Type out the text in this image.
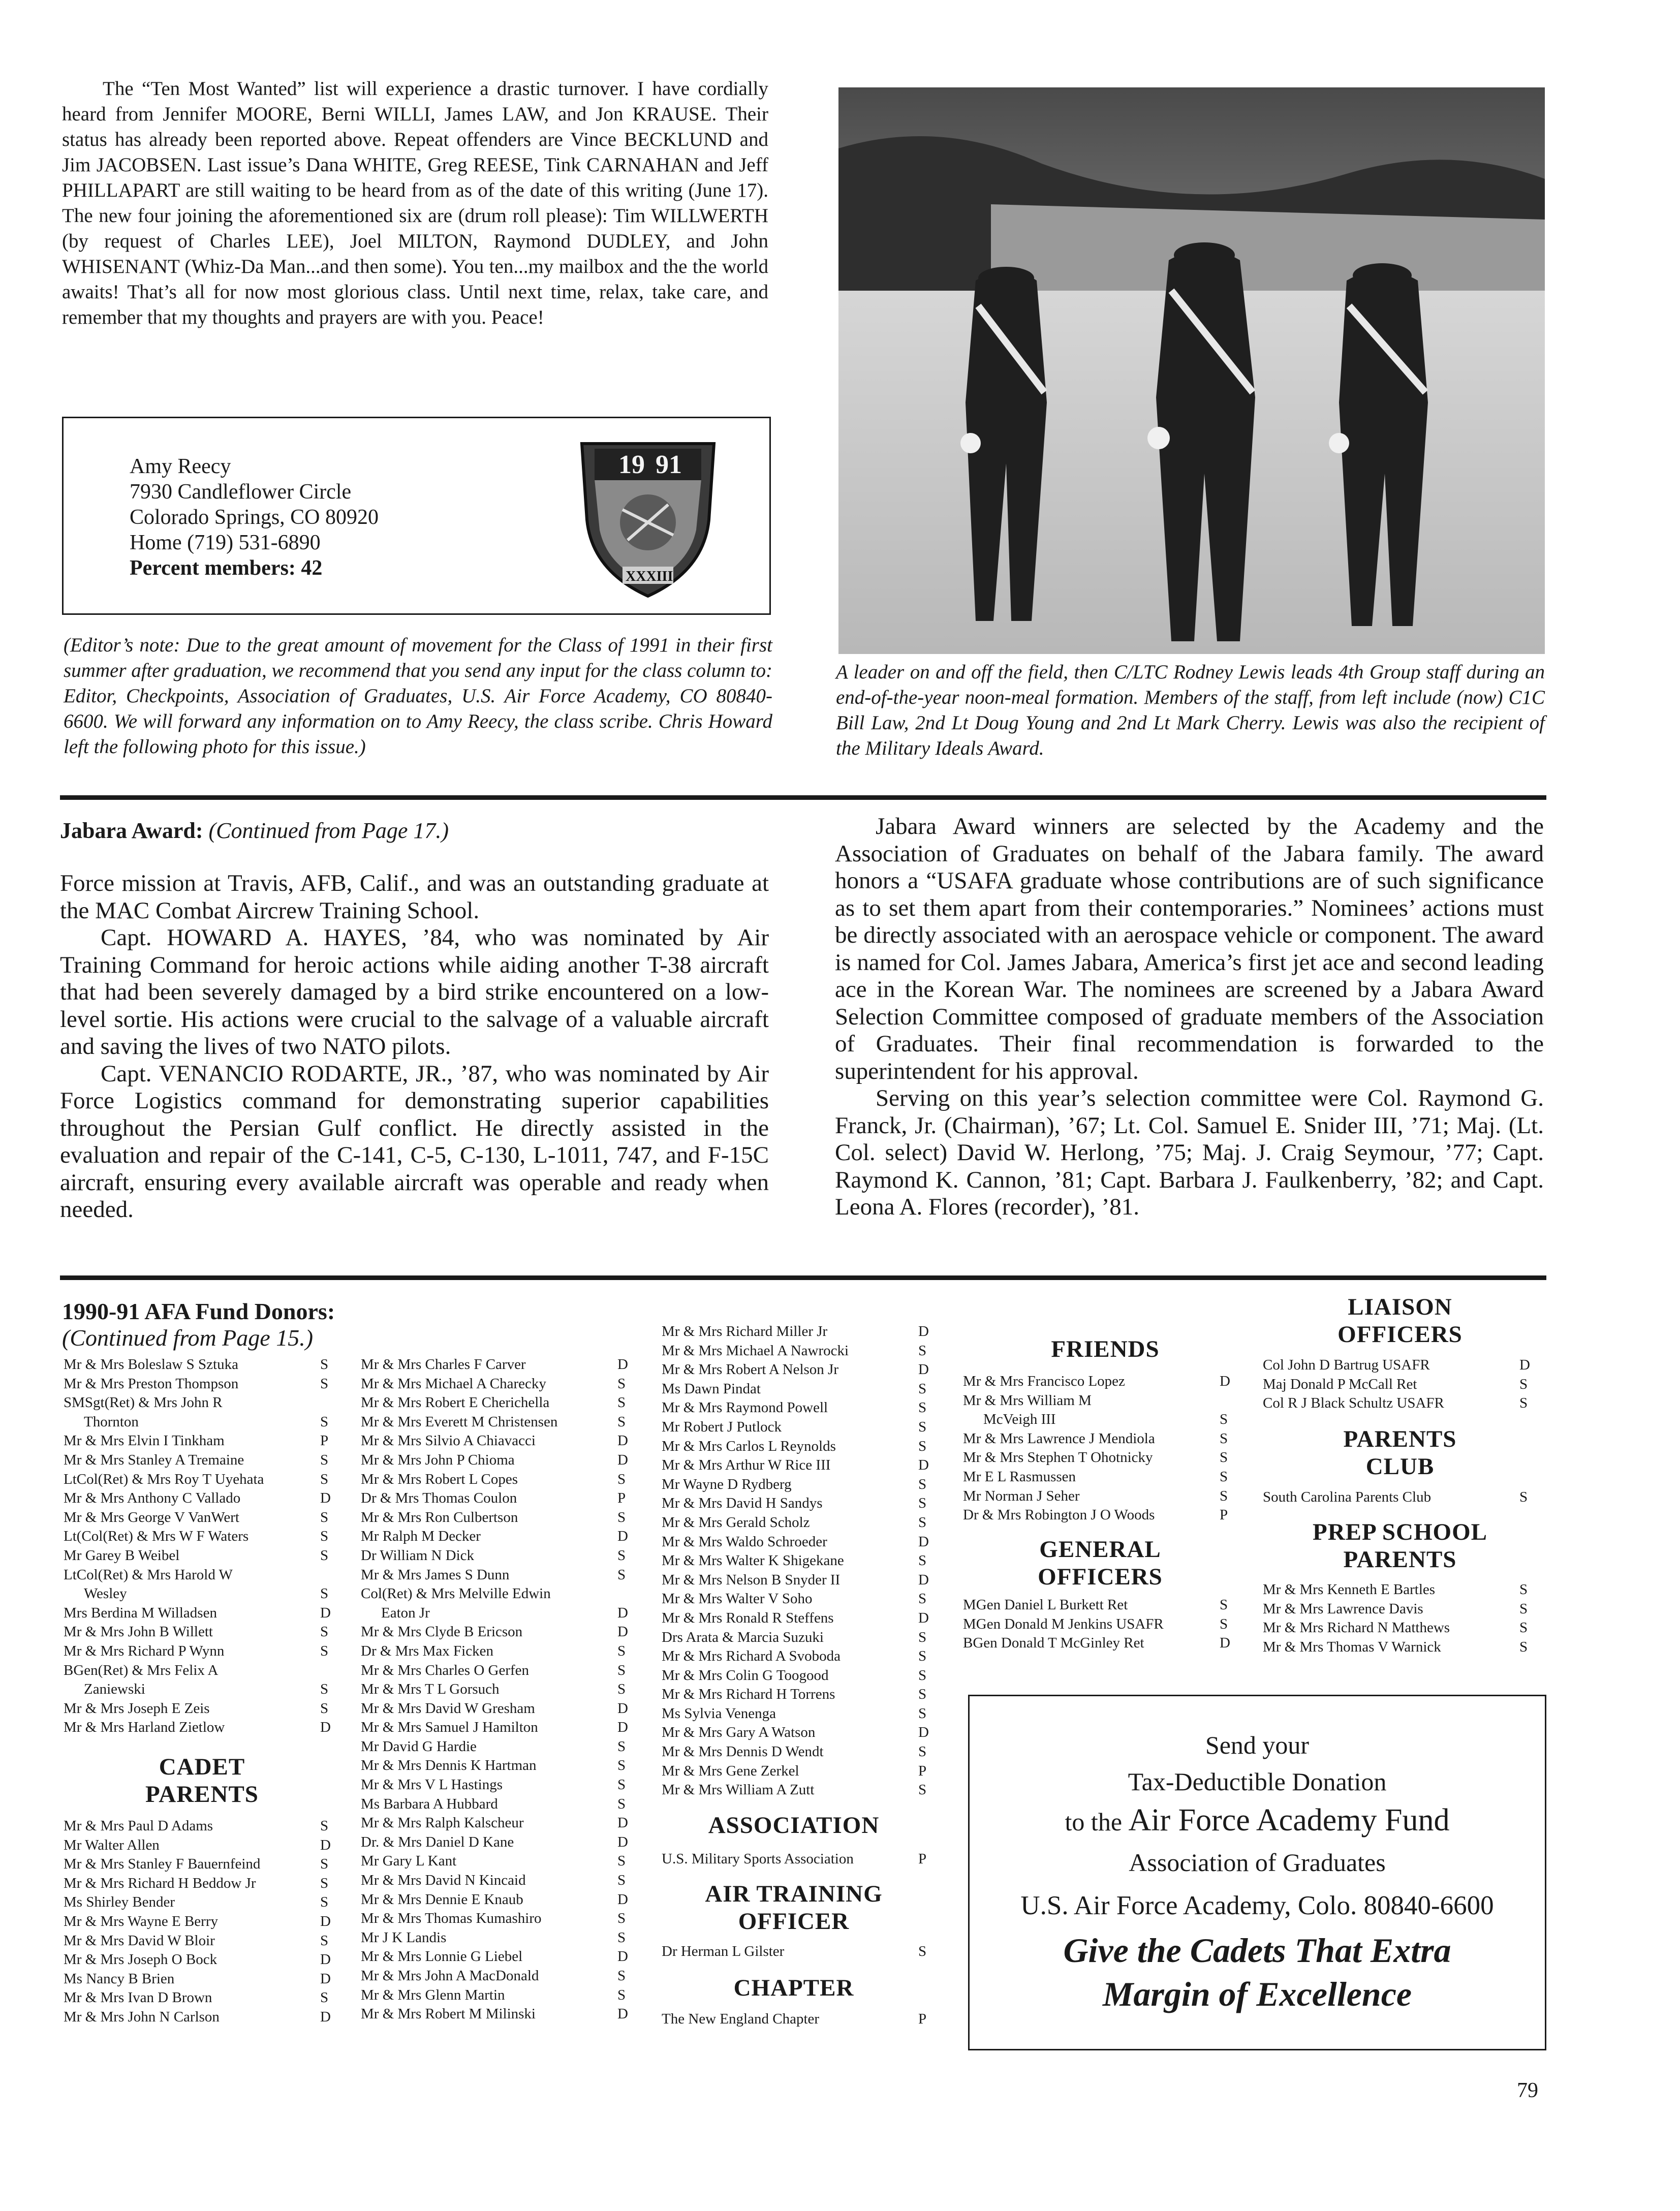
The “Ten Most Wanted” list will experience a drastic turnover. I have cordially heard from Jennifer MOORE, Berni WILLI, James LAW, and Jon KRAUSE. Their status has already been reported above. Repeat offenders are Vince BECKLUND and Jim JACOBSEN. Last issue’s Dana WHITE, Greg REESE, Tink CARNAHAN and Jeff PHILLAPART are still waiting to be heard from as of the date of this writing (June 17). The new four joining the aforementioned six are (drum roll please): Tim WILLWERTH (by request of Charles LEE), Joel MILTON, Raymond DUDLEY, and John WHISENANT (Whiz-Da Man...and then some). You ten...my mailbox and the the world awaits! That’s all for now most glorious class. Until next time, relax, take care, and remember that my thoughts and prayers are with you. Peace!

Amy Reecy
7930 Candleflower Circle
Colorado Springs, CO 80920
Home (719) 531-6890
Percent members: 42
19 91
XXXIII

(Editor’s note: Due to the great amount of movement for the Class of 1991 in their first summer after graduation, we recommend that you send any input for the class column to: Editor, Checkpoints, Association of Graduates, U.S. Air Force Academy, CO 80840-6600. We will forward any information on to Amy Reecy, the class scribe. Chris Howard left the following photo for this issue.)

A leader on and off the field, then C/LTC Rodney Lewis leads 4th Group staff during an end-of-the-year noon-meal formation. Members of the staff, from left include (now) C1C Bill Law, 2nd Lt Doug Young and 2nd Lt Mark Cherry. Lewis was also the recipient of the Military Ideals Award.

Jabara Award: (Continued from Page 17.)

Force mission at Travis, AFB, Calif., and was an outstanding graduate at the MAC Combat Aircrew Training School.

Capt. HOWARD A. HAYES, ’84, who was nominated by Air Training Command for heroic actions while aiding another T-38 aircraft that had been severely damaged by a bird strike encountered on a low-level sortie. His actions were crucial to the salvage of a valuable aircraft and saving the lives of two NATO pilots.

Capt. VENANCIO RODARTE, JR., ’87, who was nominated by Air Force Logistics command for demonstrating superior capabilities throughout the Persian Gulf conflict. He directly assisted in the evaluation and repair of the C-141, C-5, C-130, L-1011, 747, and F-15C aircraft, ensuring every available aircraft was operable and ready when needed.

Jabara Award winners are selected by the Academy and the Association of Graduates on behalf of the Jabara family. The award honors a “USAFA graduate whose contributions are of such significance as to set them apart from their contemporaries.” Nominees’ actions must be directly associated with an aerospace vehicle or component. The award is named for Col. James Jabara, America’s first jet ace and second leading ace in the Korean War. The nominees are screened by a Jabara Award Selection Committee composed of graduate members of the Association of Graduates. Their final recommendation is forwarded to the superintendent for his approval.

Serving on this year’s selection committee were Col. Raymond G. Franck, Jr. (Chairman), ’67; Lt. Col. Samuel E. Snider III, ’71; Maj. (Lt. Col. select) David W. Herlong, ’75; Maj. J. Craig Seymour, ’77; Capt. Raymond K. Cannon, ’81; Capt. Barbara J. Faulkenberry, ’82; and Capt. Leona A. Flores (recorder), ’81.

1990-91 AFA Fund Donors:
(Continued from Page 15.)
Mr & Mrs Boleslaw S Sztuka	S
Mr & Mrs Preston Thompson	S
SMSgt(Ret) & Mrs John R
Thornton	S
Mr & Mrs Elvin I Tinkham	P
Mr & Mrs Stanley A Tremaine	S
LtCol(Ret) & Mrs Roy T Uyehata	S
Mr & Mrs Anthony C Vallado	D
Mr & Mrs George V VanWert	S
Lt(Col(Ret) & Mrs W F Waters	S
Mr Garey B Weibel	S
LtCol(Ret) & Mrs Harold W
Wesley	S
Mrs Berdina M Willadsen	D
Mr & Mrs John B Willett	S
Mr & Mrs Richard P Wynn	S
BGen(Ret) & Mrs Felix A
Zaniewski	S
Mr & Mrs Joseph E Zeis	S
Mr & Mrs Harland Zietlow	D
CADET
PARENTS
Mr & Mrs Paul D Adams	S
Mr Walter Allen	D
Mr & Mrs Stanley F Bauernfeind	S
Mr & Mrs Richard H Beddow Jr	S
Ms Shirley Bender	S
Mr & Mrs Wayne E Berry	D
Mr & Mrs David W Bloir	S
Mr & Mrs Joseph O Bock	D
Ms Nancy B Brien	D
Mr & Mrs Ivan D Brown	S
Mr & Mrs John N Carlson	D
Mr & Mrs Charles F Carver	D
Mr & Mrs Michael A Charecky	S
Mr & Mrs Robert E Cherichella	S
Mr & Mrs Everett M Christensen	S
Mr & Mrs Silvio A Chiavacci	D
Mr & Mrs John P Chioma	D
Mr & Mrs Robert L Copes	S
Dr & Mrs Thomas Coulon	P
Mr & Mrs Ron Culbertson	S
Mr Ralph M Decker	D
Dr William N Dick	S
Mr & Mrs James S Dunn	S
Col(Ret) & Mrs Melville Edwin
Eaton Jr	D
Mr & Mrs Clyde B Ericson	D
Dr & Mrs Max Ficken	S
Mr & Mrs Charles O Gerfen	S
Mr & Mrs T L Gorsuch	S
Mr & Mrs David W Gresham	D
Mr & Mrs Samuel J Hamilton	D
Mr David G Hardie	S
Mr & Mrs Dennis K Hartman	S
Mr & Mrs V L Hastings	S
Ms Barbara A Hubbard	S
Mr & Mrs Ralph Kalscheur	D
Dr. & Mrs Daniel D Kane	D
Mr Gary L Kant	S
Mr & Mrs David N Kincaid	S
Mr & Mrs Dennie E Knaub	D
Mr & Mrs Thomas Kumashiro	S
Mr J K Landis	S
Mr & Mrs Lonnie G Liebel	D
Mr & Mrs John A MacDonald	S
Mr & Mrs Glenn Martin	S
Mr & Mrs Robert M Milinski	D
Mr & Mrs Richard Miller Jr	D
Mr & Mrs Michael A Nawrocki	S
Mr & Mrs Robert A Nelson Jr	D
Ms Dawn Pindat	S
Mr & Mrs Raymond Powell	S
Mr Robert J Putlock	S
Mr & Mrs Carlos L Reynolds	S
Mr & Mrs Arthur W Rice III	D
Mr Wayne D Rydberg	S
Mr & Mrs David H Sandys	S
Mr & Mrs Gerald Scholz	S
Mr & Mrs Waldo Schroeder	D
Mr & Mrs Walter K Shigekane	S
Mr & Mrs Nelson B Snyder II	D
Mr & Mrs Walter V Soho	S
Mr & Mrs Ronald R Steffens	D
Drs Arata & Marcia Suzuki	S
Mr & Mrs Richard A Svoboda	S
Mr & Mrs Colin G Toogood	S
Mr & Mrs Richard H Torrens	S
Ms Sylvia Venenga	S
Mr & Mrs Gary A Watson	D
Mr & Mrs Dennis D Wendt	S
Mr & Mrs Gene Zerkel	P
Mr & Mrs William A Zutt	S
ASSOCIATION
U.S. Military Sports Association	P
AIR TRAINING
OFFICER
Dr Herman L Gilster	S
CHAPTER
The New England Chapter	P
FRIENDS
Mr & Mrs Francisco Lopez	D
Mr & Mrs William M
McVeigh III	S
Mr & Mrs Lawrence J Mendiola	S
Mr & Mrs Stephen T Ohotnicky	S
Mr E L Rasmussen	S
Mr Norman J Seher	S
Dr & Mrs Robington J O Woods	P
GENERAL
OFFICERS
MGen Daniel L Burkett Ret	S
MGen Donald M Jenkins USAFR	S
BGen Donald T McGinley Ret	D
LIAISON
OFFICERS
Col John D Bartrug USAFR	D
Maj Donald P McCall Ret	S
Col R J Black Schultz USAFR	S
PARENTS
CLUB
South Carolina Parents Club	S
PREP SCHOOL
PARENTS
Mr & Mrs Kenneth E Bartles	S
Mr & Mrs Lawrence Davis	S
Mr & Mrs Richard N Matthews	S
Mr & Mrs Thomas V Warnick	S
Send your
Tax-Deductible Donation
to the Air Force Academy Fund
Association of Graduates
U.S. Air Force Academy, Colo. 80840-6600
Give the Cadets That Extra
Margin of Excellence
79
